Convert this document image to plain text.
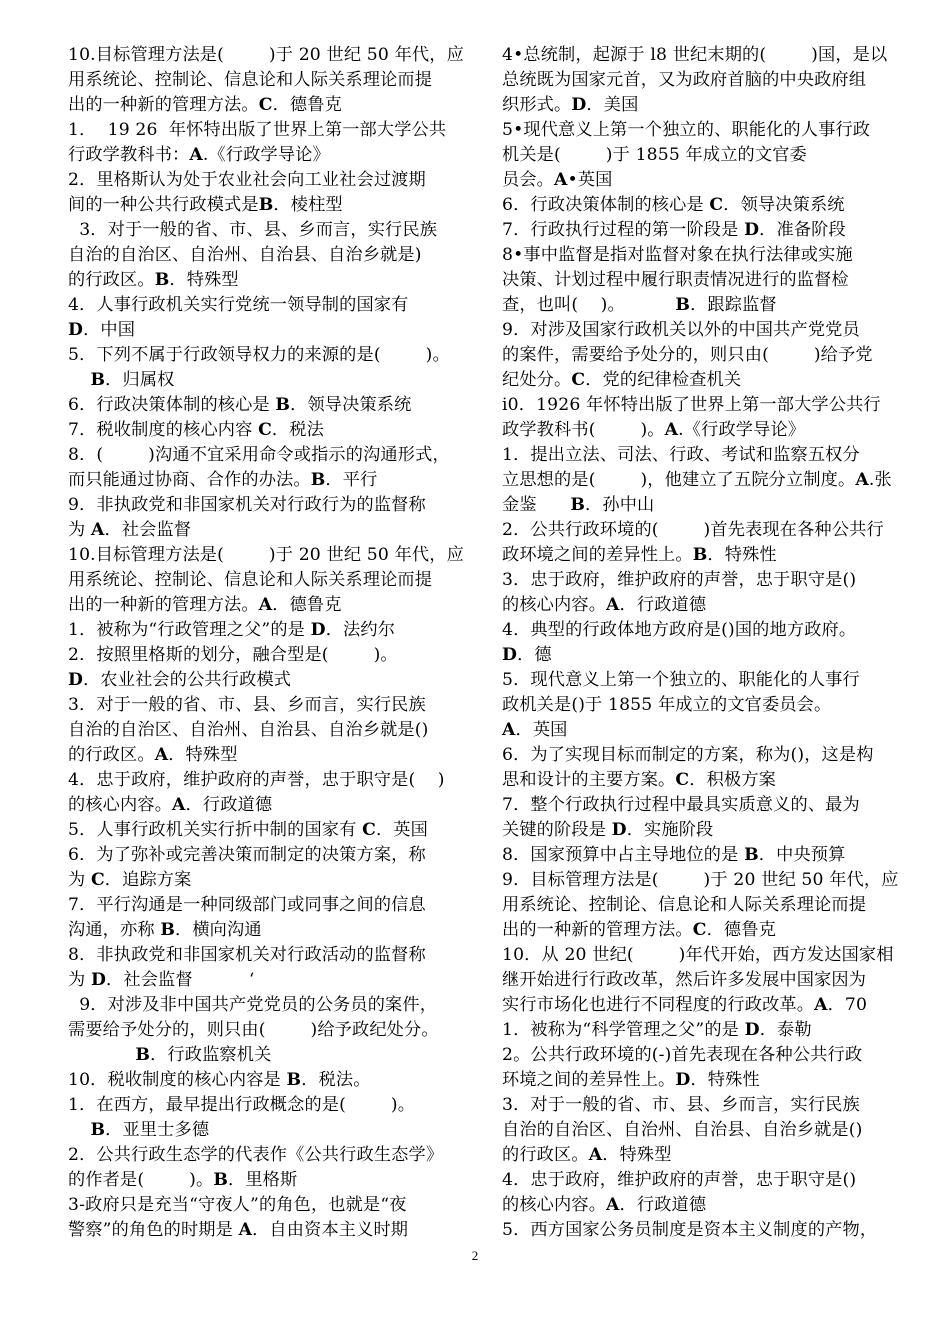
10.目标管理方法是(        )于 20 世纪 50 年代，应
用系统论、控制论、信息论和人际关系理论而提
出的一种新的管理方法。C．德鲁克
1．  19 26  年怀特出版了世界上第一部大学公共
行政学教科书：A.《行政学导论》
2．里格斯认为处于农业社会向工业社会过渡期
间的一种公共行政模式是B．棱柱型
3．对于一般的省、市、县、乡而言，实行民族
自治的自治区、自治州、自治县、自治乡就是)
的行政区。B．特殊型
4．人事行政机关实行党统一领导制的国家有
D．中国
5．下列不属于行政领导权力的来源的是(        )。
B．归属权
6．行政决策体制的核心是 B．领导决策系统
7．税收制度的核心内容 C．税法
8．(        )沟通不宜采用命令或指示的沟通形式，
而只能通过协商、合作的办法。B．平行
9．非执政党和非国家机关对行政行为的监督称
为 A．社会监督
10.目标管理方法是(        )于 20 世纪 50 年代，应
用系统论、控制论、信息论和人际关系理论而提
出的一种新的管理方法。A．德鲁克
1．被称为“行政管理之父”的是 D．法约尔
2．按照里格斯的划分，融合型是(        )。
D．农业社会的公共行政模式
3．对于一般的省、市、县、乡而言，实行民族
自治的自治区、自治州、自治县、自治乡就是()
的行政区。A．特殊型
4．忠于政府，维护政府的声誉，忠于职守是(    )
的核心内容。A．行政道德
5．人事行政机关实行折中制的国家有 C．英国
6．为了弥补或完善决策而制定的决策方案，称
为 C．追踪方案
7．平行沟通是一种同级部门或同事之间的信息
沟通，亦称 B．横向沟通
8．非执政党和非国家机关对行政活动的监督称
为 D．社会监督          ‘
9．对涉及非中国共产党党员的公务员的案件，
需要给予处分的，则只由(        )给予政纪处分。
B．行政监察机关
10．税收制度的核心内容是 B．税法。
1．在西方，最早提出行政概念的是(        )。
B．亚里士多德
2．公共行政生态学的代表作《公共行政生态学》
的作者是(        )。B．里格斯
3-政府只是充当“守夜人”的角色，也就是“夜
警察”的角色的时期是 A．自由资本主义时期
4•总统制，起源于 l8 世纪末期的(        )国，是以
总统既为国家元首，又为政府首脑的中央政府组
织形式。D．美国
5•现代意义上第一个独立的、职能化的人事行政
机关是(        )于 1855 年成立的文官委
员会。A•英国
6．行政决策体制的核心是 C．领导决策系统
7．行政执行过程的第一阶段是 D．准备阶段
8•事中监督是指对监督对象在执行法律或实施
决策、计划过程中履行职责情况进行的监督检
查，也叫(    )。         B．跟踪监督
9．对涉及国家行政机关以外的中国共产党党员
的案件，需要给予处分的，则只由(        )给予党
纪处分。C．党的纪律检查机关
i0．1926 年怀特出版了世界上第一部大学公共行
政学教科书(        )。A.《行政学导论》
1．提出立法、司法、行政、考试和监察五权分
立思想的是(        )，他建立了五院分立制度。A.张
金鉴      B．孙中山
2．公共行政环境的(        )首先表现在各种公共行
政环境之间的差异性上。B．特殊性
3．忠于政府，维护政府的声誉，忠于职守是()
的核心内容。A．行政道德
4．典型的行政体地方政府是()国的地方政府。
D．德
5．现代意义上第一个独立的、职能化的人事行
政机关是()于 1855 年成立的文官委员会。
A．英国
6．为了实现目标而制定的方案，称为()，这是构
思和设计的主要方案。C．积极方案
7．整个行政执行过程中最具实质意义的、最为
关键的阶段是 D．实施阶段
8．国家预算中占主导地位的是 B．中央预算
9．目标管理方法是(        )于 20 世纪 50 年代，应
用系统论、控制论、信息论和人际关系理论而提
出的一种新的管理方法。C．德鲁克
10．从 20 世纪(        )年代开始，西方发达国家相
继开始进行行政改革，然后许多发展中国家因为
实行市场化也进行不同程度的行政改革。A．70
1．被称为“科学管理之父”的是 D．泰勒
2。公共行政环境的(-)首先表现在各种公共行政
环境之间的差异性上。D．特殊性
3．对于一般的省、市、县、乡而言，实行民族
自治的自治区、自治州、自治县、自治乡就是()
的行政区。A．特殊型
4．忠于政府，维护政府的声誉，忠于职守是()
的核心内容。A．行政道德
5．西方国家公务员制度是资本主义制度的产物，
2
